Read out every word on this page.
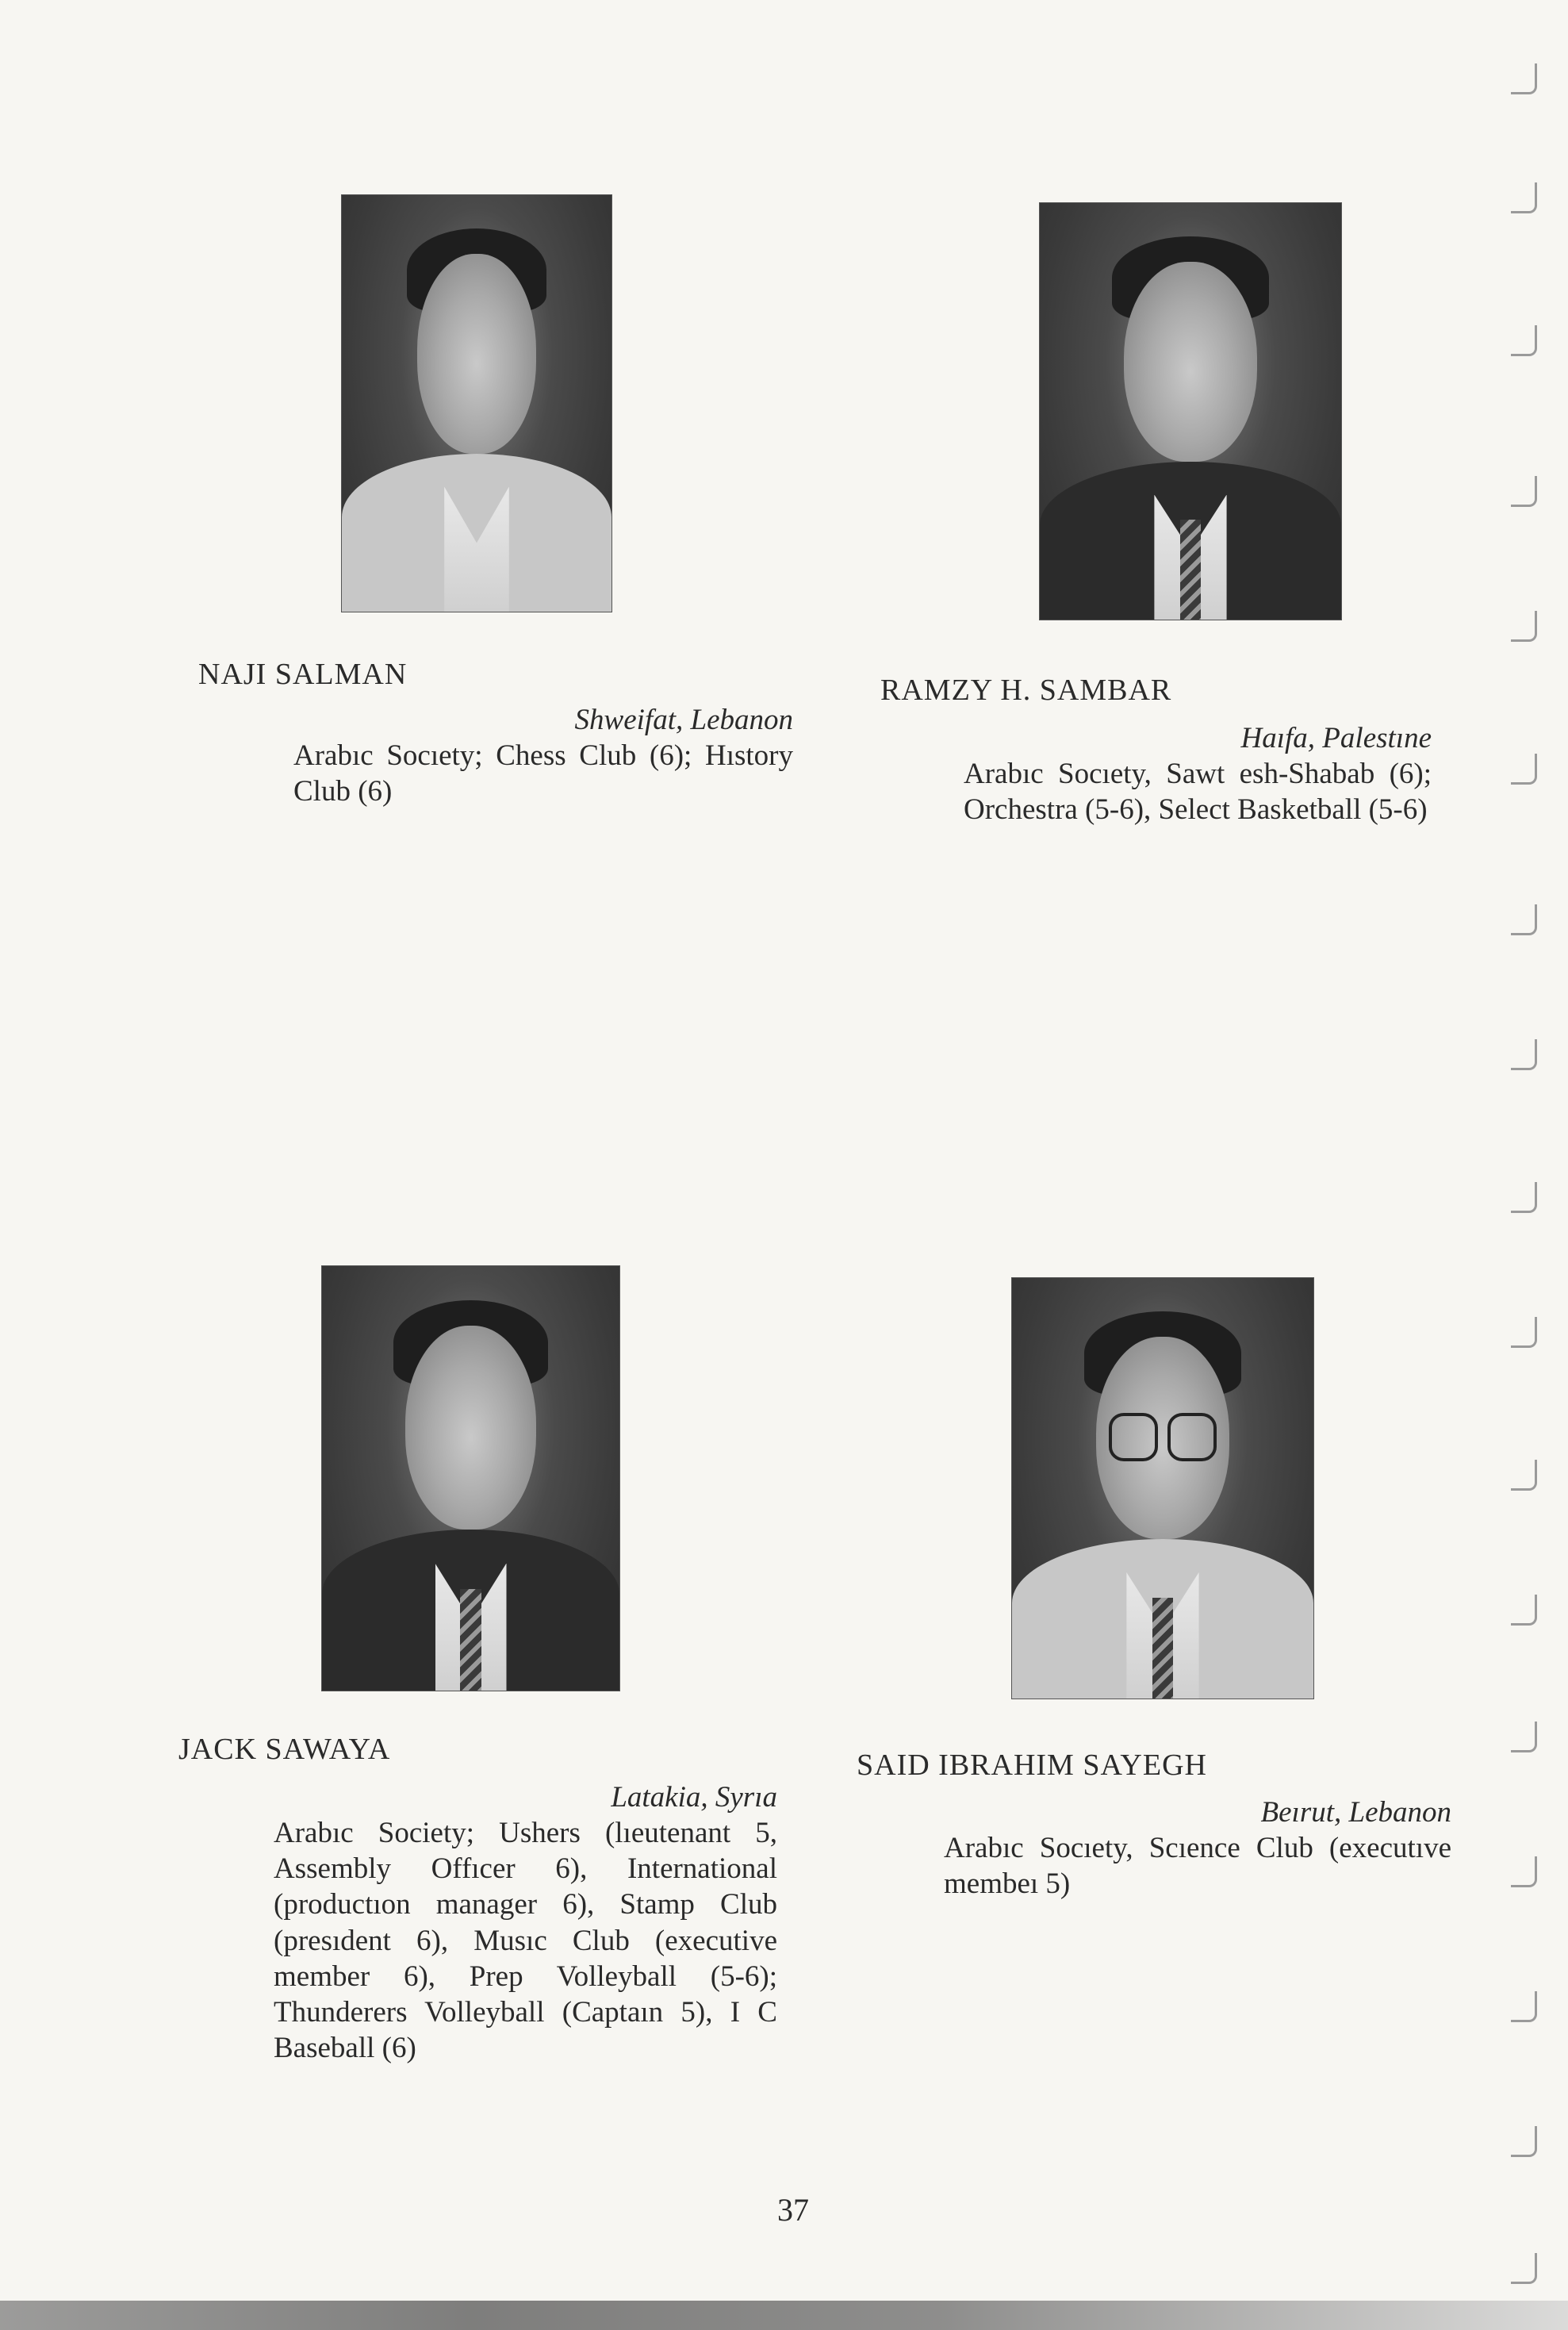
NAJI SALMAN
Shweifat, Lebanon
Arabıc Socıety; Chess Club (6); Hıstory Club (6)
RAMZY H. SAMBAR
Haıfa, Palestıne
Arabıc Socıety, Sawt esh-Shabab (6); Orchestra (5-6), Select Basketball (5-6)
JACK SAWAYA
Latakia, Syrıa
Arabıc Society; Ushers (lıeutenant 5, Assembly Offıcer 6), International (productıon manager 6), Stamp Club (presıdent 6), Musıc Club (executive member 6), Prep Volleyball (5-6); Thunderers Volleyball (Captaın 5), I C Baseball (6)
SAID IBRAHIM SAYEGH
Beırut, Lebanon
Arabıc Socıety, Scıence Club (executıve membeı 5)
37
